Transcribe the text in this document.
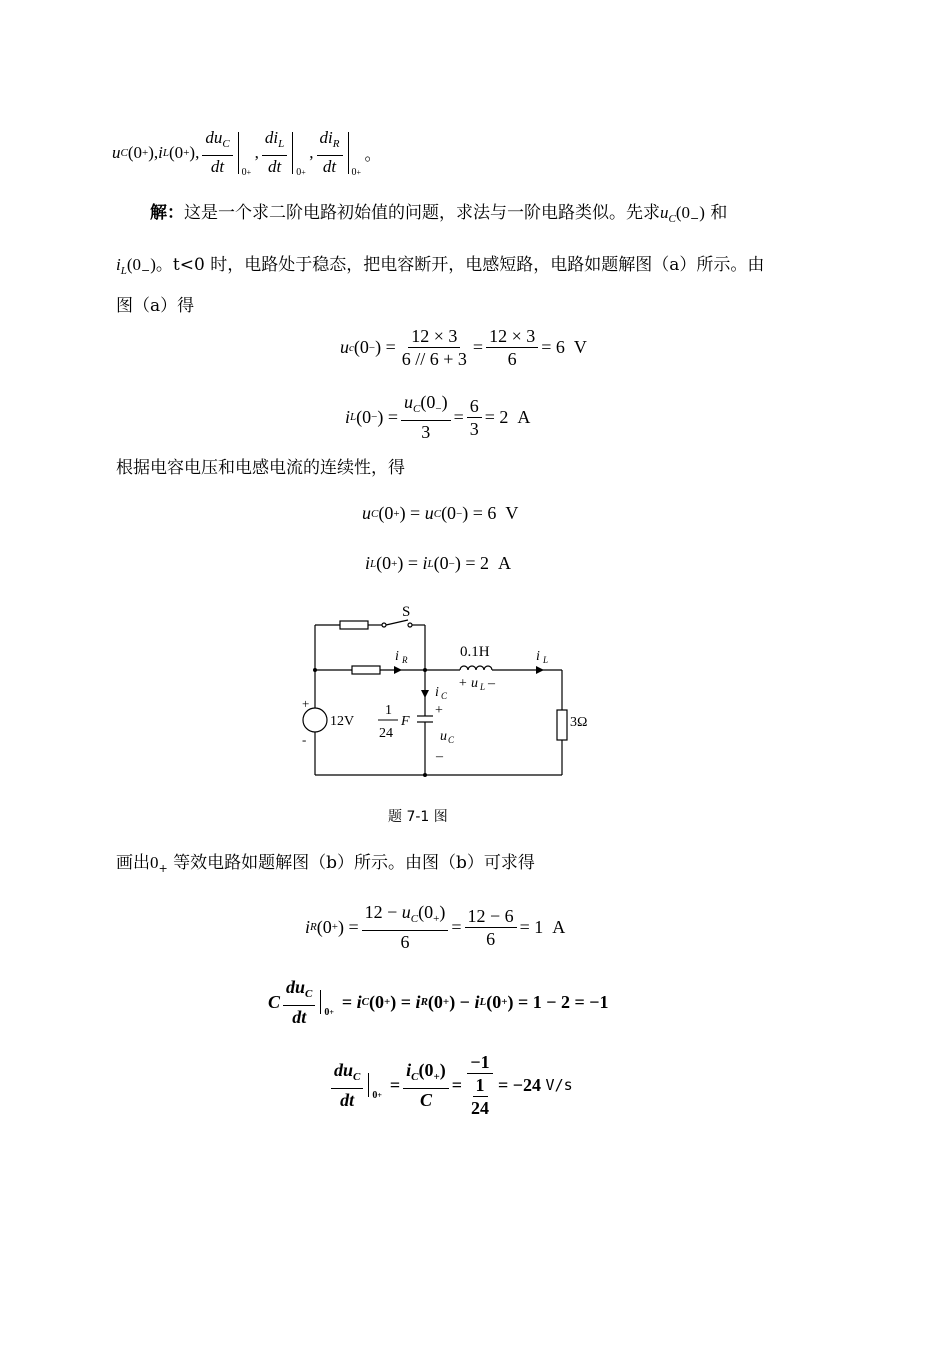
u C (0 + ), i L (0 + ), $\frac{du_C}{dt} 0+$
, $\frac{di_L}{dt} 0+$
, $\frac{di_R}{dt} 0+$
。
解：这是一个求二阶电路初始值的问题，求法与一阶电路类似。先求$u_C(0_-)$ 和
$i_L(0_-)$。t<0 时，电路处于稳态，把电容断开，电感短路，电路如题解图（a）所示。由
图（a）得
u c (0 − ) = $\frac{12 \times 3}{6 // 6 + 3} = \frac{12 \times 3}{6} = 6$  V
i L (0 − ) = $\frac{u_C(0_-)}{3} = \frac{6}{3} = 2$  A
根据电容电压和电感电流的连续性，得
u C (0 + ) = u C (0 − ) = 6  V
i L (0 + ) = i L (0 − ) = 2  A
S
i R	0.1H	i L
+ u L –
i C
+
u C
–
+
-
12V
1
24
F	3Ω
题 7-1 图
画出$0_+$ 等效电路如题解图（b）所示。由图（b）可求得
i R (0 + ) = $\frac{12 - u_C(0_+)}{6} = \frac{12 - 6}{6} = 1$  A
C $\frac{du_C}{dt} 0+$
= i C (0 + ) = i R (0 + ) − i L (0 + ) = 1 − 2 = −1
$\frac{du_C}{dt} 0+$
= $\frac{i_C(0_+)}{C} = \frac{-1}{\frac{1}{24}} = -24$
V/s
